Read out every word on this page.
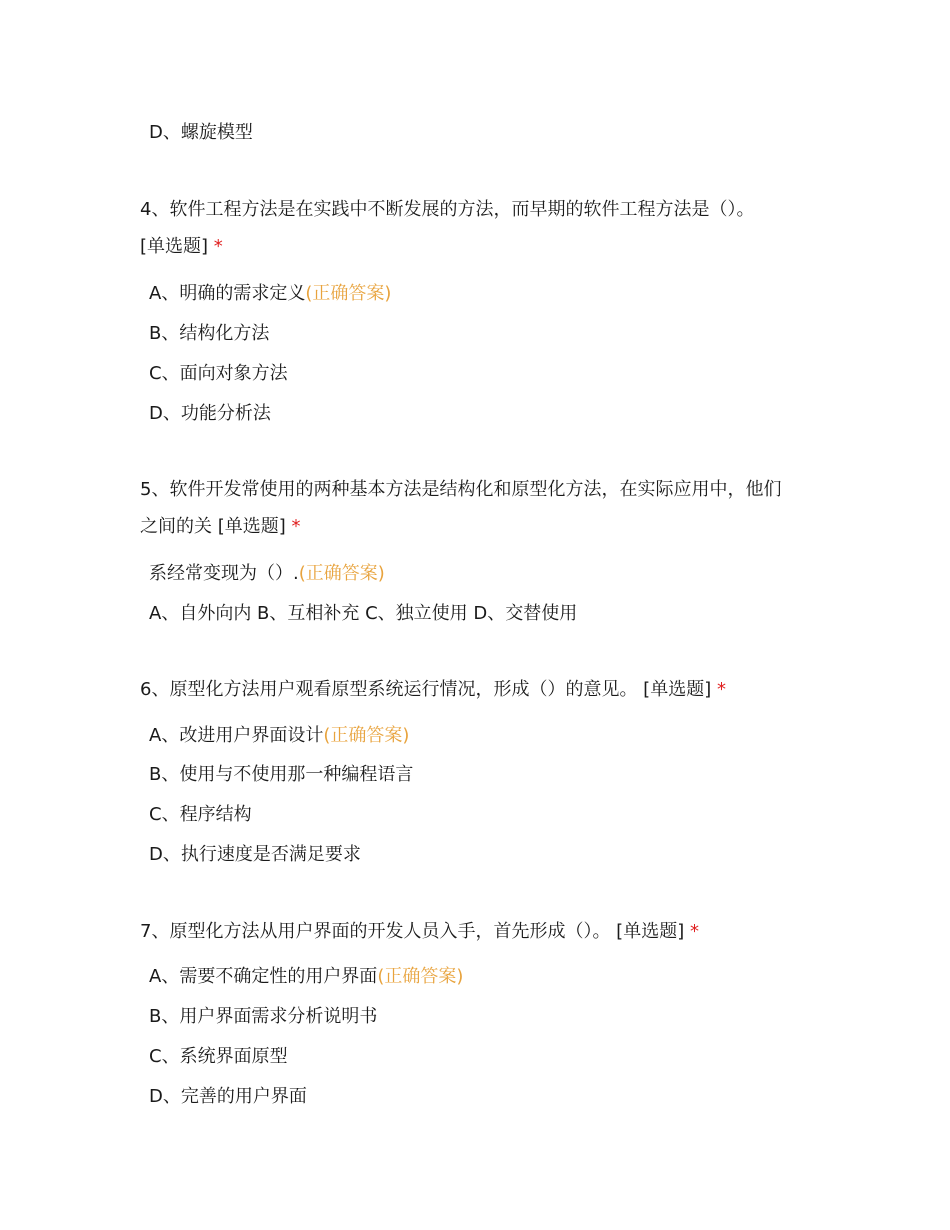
D、螺旋模型
4、软件工程方法是在实践中不断发展的方法，而早期的软件工程方法是（）。
[单选题] *
A、明确的需求定义(正确答案)
B、结构化方法
C、面向对象方法
D、功能分析法
5、软件开发常使用的两种基本方法是结构化和原型化方法，在实际应用中，他们
之间的关 [单选题] *
系经常变现为（）.(正确答案)
A、自外向内 B、互相补充 C、独立使用 D、交替使用
6、原型化方法用户观看原型系统运行情况，形成（）的意见。 [单选题] *
A、改进用户界面设计(正确答案)
B、使用与不使用那一种编程语言
C、程序结构
D、执行速度是否满足要求
7、原型化方法从用户界面的开发人员入手，首先形成（）。 [单选题] *
A、需要不确定性的用户界面(正确答案)
B、用户界面需求分析说明书
C、系统界面原型
D、完善的用户界面
